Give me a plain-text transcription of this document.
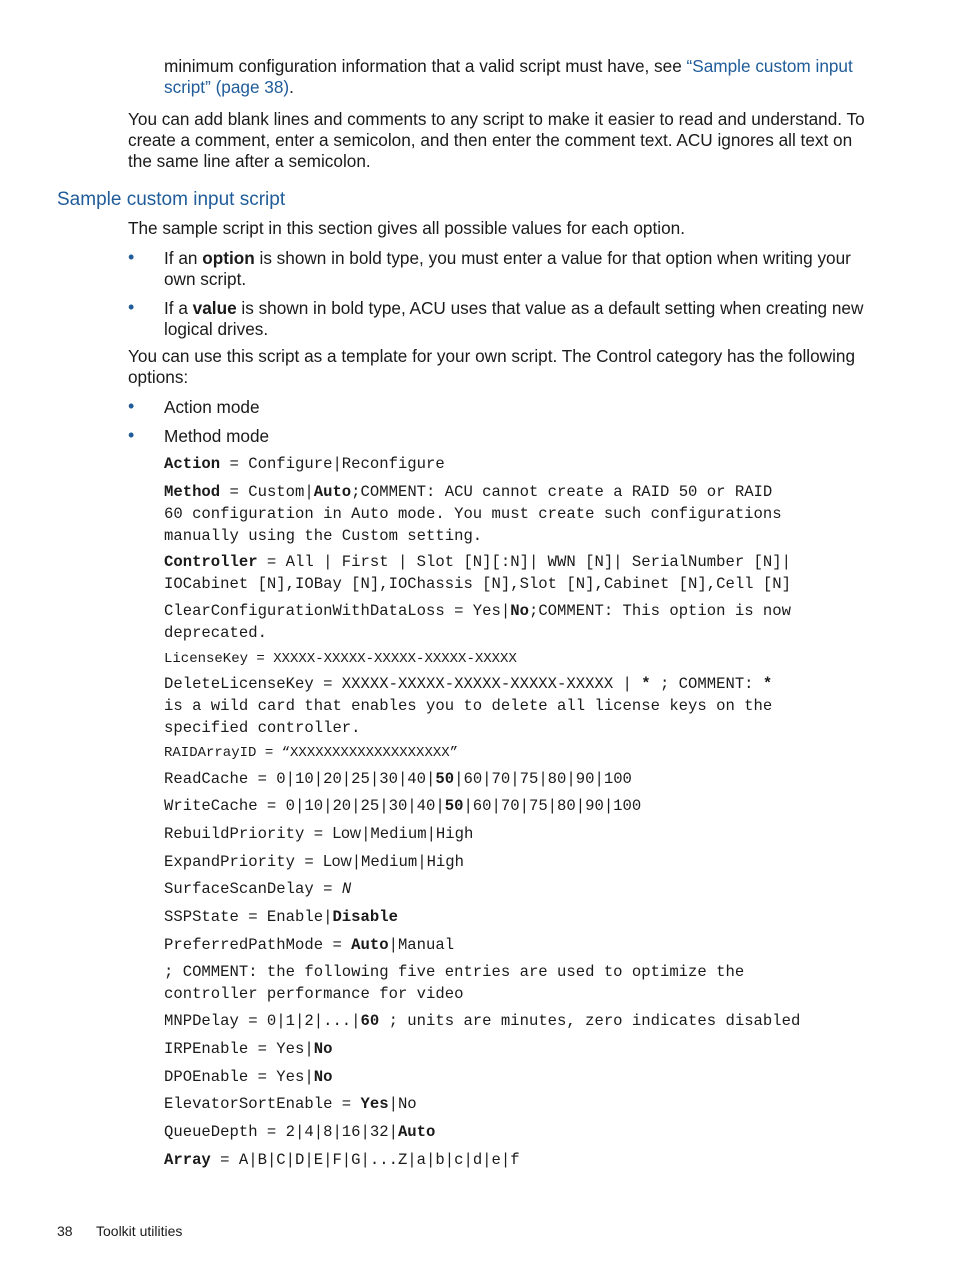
minimum configuration information that a valid script must have, see “Sample custom input
script” (page 38).
You can add blank lines and comments to any script to make it easier to read and understand. To
create a comment, enter a semicolon, and then enter the comment text. ACU ignores all text on
the same line after a semicolon.
Sample custom input script
The sample script in this section gives all possible values for each option.
• If an option is shown in bold type, you must enter a value for that option when writing your
own script.
• If a value is shown in bold type, ACU uses that value as a default setting when creating new
logical drives.
You can use this script as a template for your own script. The Control category has the following
options:
• Action mode
• Method mode
Action = Configure|Reconfigure
Method = Custom|Auto;COMMENT: ACU cannot create a RAID 50 or RAID
60 configuration in Auto mode. You must create such configurations
manually using the Custom setting.
Controller = All | First | Slot [N][:N]| WWN [N]| SerialNumber [N]|
IOCabinet [N],IOBay [N],IOChassis [N],Slot [N],Cabinet [N],Cell [N]
ClearConfigurationWithDataLoss = Yes|No;COMMENT: This option is now
deprecated.
LicenseKey = XXXXX-XXXXX-XXXXX-XXXXX-XXXXX
DeleteLicenseKey = XXXXX-XXXXX-XXXXX-XXXXX-XXXXX | * ; COMMENT: *
is a wild card that enables you to delete all license keys on the
specified controller.
RAIDArrayID = “XXXXXXXXXXXXXXXXXXX”
ReadCache = 0|10|20|25|30|40|50|60|70|75|80|90|100
WriteCache = 0|10|20|25|30|40|50|60|70|75|80|90|100
RebuildPriority = Low|Medium|High
ExpandPriority = Low|Medium|High
SurfaceScanDelay = N
SSPState = Enable|Disable
PreferredPathMode = Auto|Manual
; COMMENT: the following five entries are used to optimize the
controller performance for video
MNPDelay = 0|1|2|...|60 ; units are minutes, zero indicates disabled
IRPEnable = Yes|No
DPOEnable = Yes|No
ElevatorSortEnable = Yes|No
QueueDepth = 2|4|8|16|32|Auto
Array = A|B|C|D|E|F|G|...Z|a|b|c|d|e|f
38 Toolkit utilities
